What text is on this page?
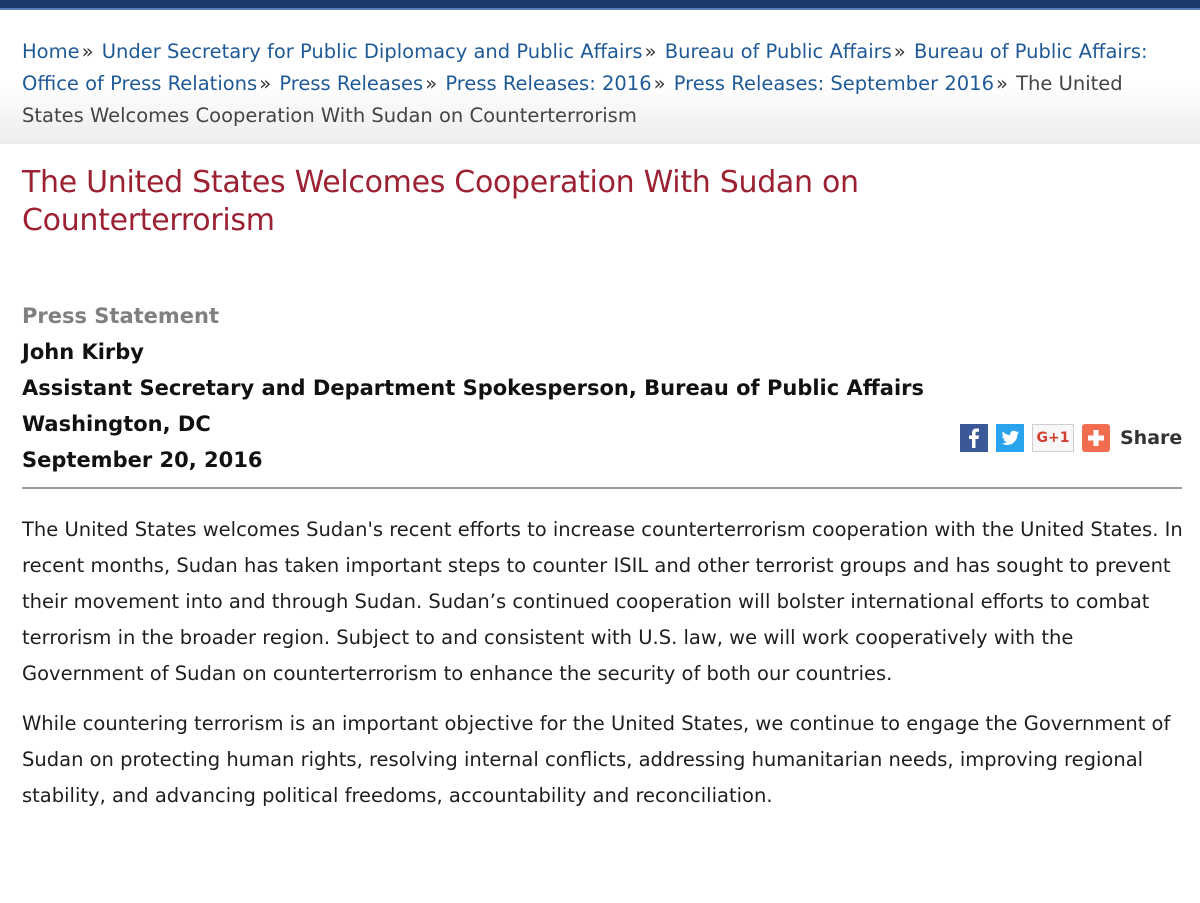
Home » Under Secretary for Public Diplomacy and Public Affairs » Bureau of Public Affairs » Bureau of Public Affairs: Office of Press Relations » Press Releases » Press Releases: 2016 » Press Releases: September 2016 » The United States Welcomes Cooperation With Sudan on Counterterrorism
The United States Welcomes Cooperation With Sudan on Counterterrorism
Press Statement
John Kirby
Assistant Secretary and Department Spokesperson, Bureau of Public Affairs
Washington, DC
September 20, 2016
G+1	Share

The United States welcomes Sudan's recent efforts to increase counterterrorism cooperation with the United States. In recent months, Sudan has taken important steps to counter ISIL and other terrorist groups and has sought to prevent their movement into and through Sudan. Sudan’s continued cooperation will bolster international efforts to combat terrorism in the broader region. Subject to and consistent with U.S. law, we will work cooperatively with the Government of Sudan on counterterrorism to enhance the security of both our countries.

While countering terrorism is an important objective for the United States, we continue to engage the Government of Sudan on protecting human rights, resolving internal conflicts, addressing humanitarian needs, improving regional stability, and advancing political freedoms, accountability and reconciliation.
